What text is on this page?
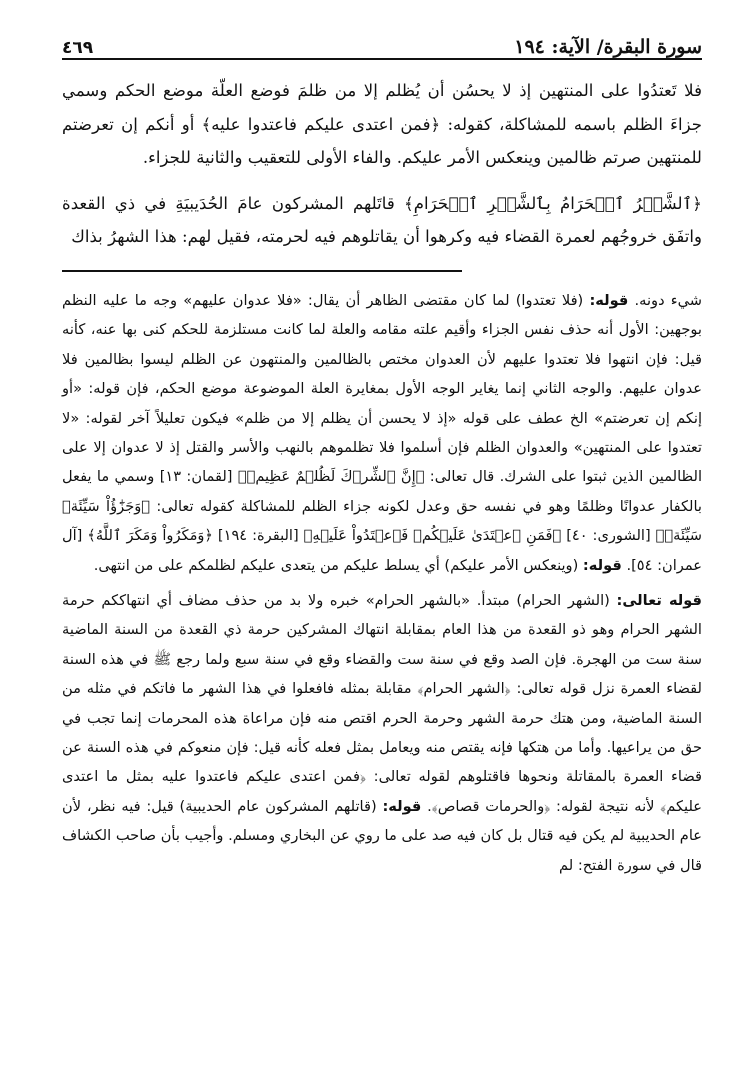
سورة البقرة/ الآية: ١٩٤
٤٦٩

فلا تَعتدُوا على المنتهين إذ لا يحسُن أن يُظلم إلا من ظلمَ فوضع العلّة موضع الحكم وسمي جزاءَ الظلم باسمه للمشاكلة، كقوله: ﴿فمن اعتدى عليكم فاعتدوا عليه﴾ أو أنكم إن تعرضتم للمنتهين صرتم ظالمين وينعكس الأمر عليكم. والفاء الأولى للتعقيب والثانية للجزاء.

﴿ٱلشَّهۡرُ ٱلۡحَرَامُ بِٱلشَّهۡرِ ٱلۡحَرَامِ﴾ قاتَلهم المشركون عامَ الحُدَيبيَةِ في ذي القعدة واتفَق خروجُهم لعمرة القضاء فيه وكرهوا أن يقاتلوهم فيه لحرمته، فقيل لهم: هذا الشهرُ بذاك

شيء دونه. قوله: (فلا تعتدوا) لما كان مقتضى الظاهر أن يقال: «فلا عدوان عليهم» وجه ما عليه النظم بوجهين: الأول أنه حذف نفس الجزاء وأقيم علته مقامه والعلة لما كانت مستلزمة للحكم كنى بها عنه، كأنه قيل: فإن انتهوا فلا تعتدوا عليهم لأن العدوان مختص بالظالمين والمنتهون عن الظلم ليسوا بظالمين فلا عدوان عليهم. والوجه الثاني إنما يغاير الوجه الأول بمغايرة العلة الموضوعة موضع الحكم، فإن قوله: «أو إنكم إن تعرضتم» الخ عطف على قوله «إذ لا يحسن أن يظلم إلا من ظلم» فيكون تعليلاً آخر لقوله: «لا تعتدوا على المنتهين» والعدوان الظلم فإن أسلموا فلا تظلموهم بالنهب والأسر والقتل إذ لا عدوان إلا على الظالمين الذين ثبتوا على الشرك. قال تعالى: ﴿إِنَّ ٱلشِّرۡكَ لَظُلۡمٌ عَظِيمٞ﴾ [لقمان: ١٣] وسمي ما يفعل بالكفار عدوانًا وظلمًا وهو في نفسه حق وعدل لكونه جزاء الظلم للمشاكلة كقوله تعالى: ﴿وَجَزَٰٓؤُاْ سَيِّئَةٖ سَيِّئَةٞ﴾ [الشورى: ٤٠] ﴿فَمَنِ ٱعۡتَدَىٰ عَلَيۡكُمۡ فَٱعۡتَدُواْ عَلَيۡهِ﴾ [البقرة: ١٩٤] ﴿وَمَكَرُواْ وَمَكَرَ ٱللَّهُ﴾ [آل عمران: ٥٤]. قوله: (وينعكس الأمر عليكم) أي يسلط عليكم من يتعدى عليكم لظلمكم على من انتهى.

قوله تعالى: (الشهر الحرام) مبتدأ. «بالشهر الحرام» خبره ولا بد من حذف مضاف أي انتهاككم حرمة الشهر الحرام وهو ذو القعدة من هذا العام بمقابلة انتهاك المشركين حرمة ذي القعدة من السنة الماضية سنة ست من الهجرة. فإن الصد وقع في سنة ست والقضاء وقع في سنة سبع ولما رجع ﷺ في هذه السنة لقضاء العمرة نزل قوله تعالى: ﴿الشهر الحرام﴾ مقابلة بمثله فافعلوا في هذا الشهر ما فاتكم في مثله من السنة الماضية، ومن هتك حرمة الشهر وحرمة الحرم اقتص منه فإن مراعاة هذه المحرمات إنما تجب في حق من يراعيها. وأما من هتكها فإنه يقتص منه ويعامل بمثل فعله كأنه قيل: فإن منعوكم في هذه السنة عن قضاء العمرة بالمقاتلة ونحوها فاقتلوهم لقوله تعالى: ﴿فمن اعتدى عليكم فاعتدوا عليه بمثل ما اعتدى عليكم﴾ لأنه نتيجة لقوله: ﴿والحرمات قصاص﴾. قوله: (قاتلهم المشركون عام الحديبية) قيل: فيه نظر، لأن عام الحديبية لم يكن فيه قتال بل كان فيه صد على ما روي عن البخاري ومسلم. وأجيب بأن صاحب الكشاف قال في سورة الفتح: لم
